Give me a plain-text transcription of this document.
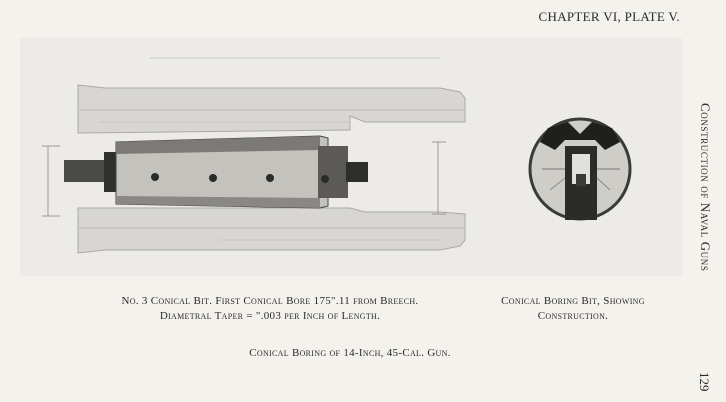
CHAPTER VI, PLATE V.
Construction of Naval Guns
129
No. 3 Conical Bit. First Conical Bore 175".11 from Breech.
Diametral Taper = ".003 per Inch of Length.
Conical Boring Bit, Showing
Construction.
Conical Boring of 14-Inch, 45-Cal. Gun.
